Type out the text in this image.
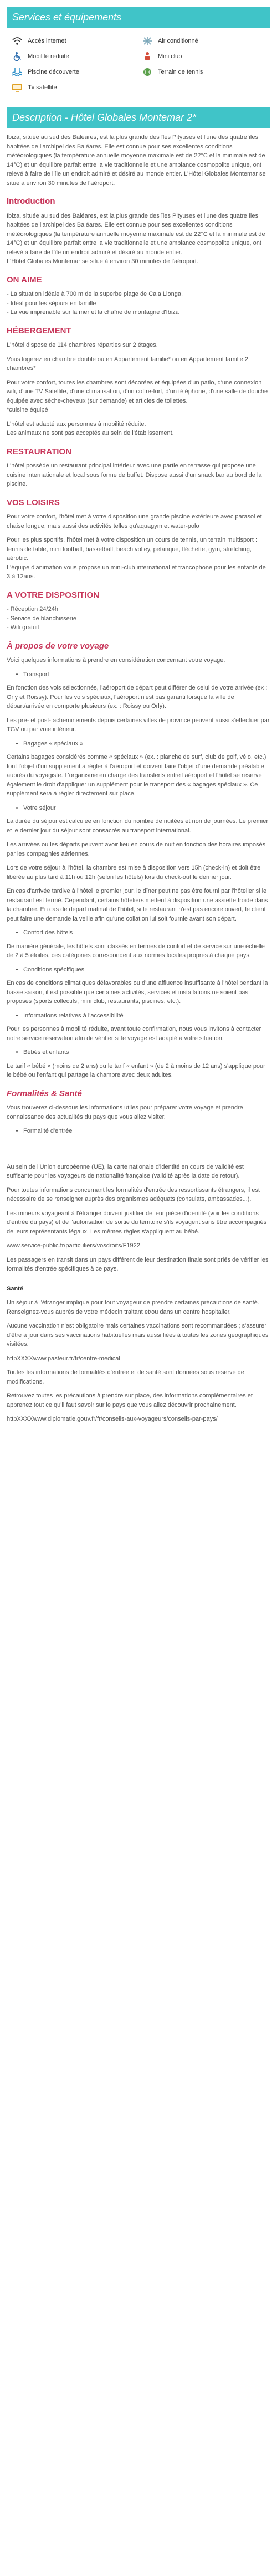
Services et équipements
Accès internet	Air conditionné
Mobilité réduite	Mini club
Piscine découverte	Terrain de tennis
Tv satellite
Description - Hôtel Globales Montemar 2*

Ibiza, située au sud des Baléares, est la plus grande des îles Pityuses et l'une des quatre îles habitées de l'archipel des Baléares. Elle est connue pour ses excellentes conditions météorologiques (la température annuelle moyenne maximale est de 22°C et la minimale est de 14°C) et un équilibre parfait entre la vie traditionnelle et une ambiance cosmopolite unique, ont relevé à faire de l'île un endroit admiré et désiré au monde entier. L'Hôtel Globales Montemar se situe à environ 30 minutes de l'aéroport.

Introduction

Ibiza, située au sud des Baléares, est la plus grande des îles Pityuses et l'une des quatre îles habitées de l'archipel des Baléares. Elle est connue pour ses excellentes conditions météorologiques (la température annuelle moyenne maximale est de 22°C et la minimale est de 14°C) et un équilibre parfait entre la vie traditionnelle et une ambiance cosmopolite unique, ont relevé à faire de l'île un endroit admiré et désiré au monde entier.
L'Hôtel Globales Montemar se situe à environ 30 minutes de l'aéroport.

ON AIME

- La situation idéale à 700 m de la superbe plage de Cala Llonga.
- Idéal pour les séjours en famille
- La vue imprenable sur la mer et la chaîne de montagne d'Ibiza

HÉBERGEMENT

L'hôtel dispose de 114 chambres réparties sur 2 étages.

Vous logerez en chambre double ou en Appartement familie* ou en Appartement famille 2 chambres*

Pour votre confort, toutes les chambres sont décorées et équipées d'un patio, d'une connexion wifi, d'une TV Satellite, d'une climatisation, d'un coffre-fort, d'un téléphone, d'une salle de douche équipée avec sèche-cheveux (sur demande) et articles de toilettes.
*cuisine équipé

L'hôtel est adapté aux personnes à mobilité réduite.
Les animaux ne sont pas acceptés au sein de l'établissement.

RESTAURATION

L'hôtel possède un restaurant principal intérieur avec une partie en terrasse qui propose une cuisine internationale et local sous forme de buffet. Dispose aussi d'un snack bar au bord de la piscine.

VOS LOISIRS

Pour votre confort, l'hôtel met à votre disposition une grande piscine extérieure avec parasol et chaise longue, mais aussi des activités telles qu'aquagym et water-polo

Pour les plus sportifs, l'hôtel met à votre disposition un cours de tennis, un terrain multisport : tennis de table, mini football, basketball, beach volley, pétanque, fléchette, gym, stretching, aérobic.
L'équipe d'animation vous propose un mini-club international et francophone pour les enfants de 3 à 12ans.

A VOTRE DISPOSITION

- Réception 24/24h
- Service de blanchisserie
- Wifi gratuit

À propos de votre voyage

Voici quelques informations à prendre en considération concernant votre voyage.

• Transport

En fonction des vols sélectionnés, l'aéroport de départ peut différer de celui de votre arrivée (ex : Orly et Roissy). Pour les vols spéciaux, l'aéroport n'est pas garanti lorsque la ville de départ/arrivée en comporte plusieurs (ex. : Roissy ou Orly).

Les pré- et post- acheminements depuis certaines villes de province peuvent aussi s'effectuer par TGV ou par voie intérieur.

• Bagages « spéciaux »

Certains bagages considérés comme « spéciaux » (ex. : planche de surf, club de golf, vélo, etc.) font l'objet d'un supplément à régler à l'aéroport et doivent faire l'objet d'une demande préalable auprès du voyagiste. L'organisme en charge des transferts entre l'aéroport et l'hôtel se réserve également le droit d'appliquer un supplément pour le transport des « bagages spéciaux ». Ce supplément sera à régler directement sur place.

• Votre séjour

La durée du séjour est calculée en fonction du nombre de nuitées et non de journées. Le premier et le dernier jour du séjour sont consacrés au transport international.

Les arrivées ou les départs peuvent avoir lieu en cours de nuit en fonction des horaires imposés par les compagnies aériennes.

Lors de votre séjour à l'hôtel, la chambre est mise à disposition vers 15h (check-in) et doit être libérée au plus tard à 11h ou 12h (selon les hôtels) lors du check-out le dernier jour.

En cas d'arrivée tardive à l'hôtel le premier jour, le dîner peut ne pas être fourni par l'hôtelier si le restaurant est fermé. Cependant, certains hôteliers mettent à disposition une assiette froide dans la chambre. En cas de départ matinal de l'hôtel, si le restaurant n'est pas encore ouvert, le client peut faire une demande la veille afin qu'une collation lui soit fournie avant son départ.

• Confort des hôtels

De manière générale, les hôtels sont classés en termes de confort et de service sur une échelle de 2 à 5 étoiles, ces catégories correspondent aux normes locales propres à chaque pays.

• Conditions spécifiques

En cas de conditions climatiques défavorables ou d'une affluence insuffisante à l'hôtel pendant la basse saison, il est possible que certaines activités, services et installations ne soient pas proposés (sports collectifs, mini club, restaurants, piscines, etc.).

• Informations relatives à l'accessibilité

Pour les personnes à mobilité réduite, avant toute confirmation, nous vous invitons à contacter notre service réservation afin de vérifier si le voyage est adapté à votre situation.

• Bébés et enfants

Le tarif « bébé » (moins de 2 ans) ou le tarif « enfant » (de 2 à moins de 12 ans) s'applique pour le bébé ou l'enfant qui partage la chambre avec deux adultes.

Formalités & Santé

Vous trouverez ci-dessous les informations utiles pour préparer votre voyage et prendre connaissance des actualités du pays que vous allez visiter.

• Formalité d'entrée

Au sein de l'Union européenne (UE), la carte nationale d'identité en cours de validité est suffisante pour les voyageurs de nationalité française (validité après la date de retour).

Pour toutes informations concernant les formalités d'entrée des ressortissants étrangers, il est nécessaire de se renseigner auprès des organismes adéquats (consulats, ambassades...).

Les mineurs voyageant à l'étranger doivent justifier de leur pièce d'identité (voir les conditions d'entrée du pays) et de l'autorisation de sortie du territoire s'ils voyagent sans être accompagnés de leurs représentants légaux. Les mêmes règles s'appliquent au bébé.

www.service-public.fr/particuliers/vosdroits/F1922

Les passagers en transit dans un pays différent de leur destination finale sont priés de vérifier les formalités d'entrée spécifiques à ce pays.

Santé

Un séjour à l'étranger implique pour tout voyageur de prendre certaines précautions de santé. Renseignez-vous auprès de votre médecin traitant et/ou dans un centre hospitalier.

Aucune vaccination n'est obligatoire mais certaines vaccinations sont recommandées ; s'assurer d'être à jour dans ses vaccinations habituelles mais aussi liées à toutes les zones géographiques visitées.

httpXXXXwww.pasteur.fr/fr/centre-medical

Toutes les informations de formalités d'entrée et de santé sont données sous réserve de modifications.

Retrouvez toutes les précautions à prendre sur place, des informations complémentaires et apprenez tout ce qu'il faut savoir sur le pays que vous allez découvrir prochainement.

httpXXXXwww.diplomatie.gouv.fr/fr/conseils-aux-voyageurs/conseils-par-pays/
